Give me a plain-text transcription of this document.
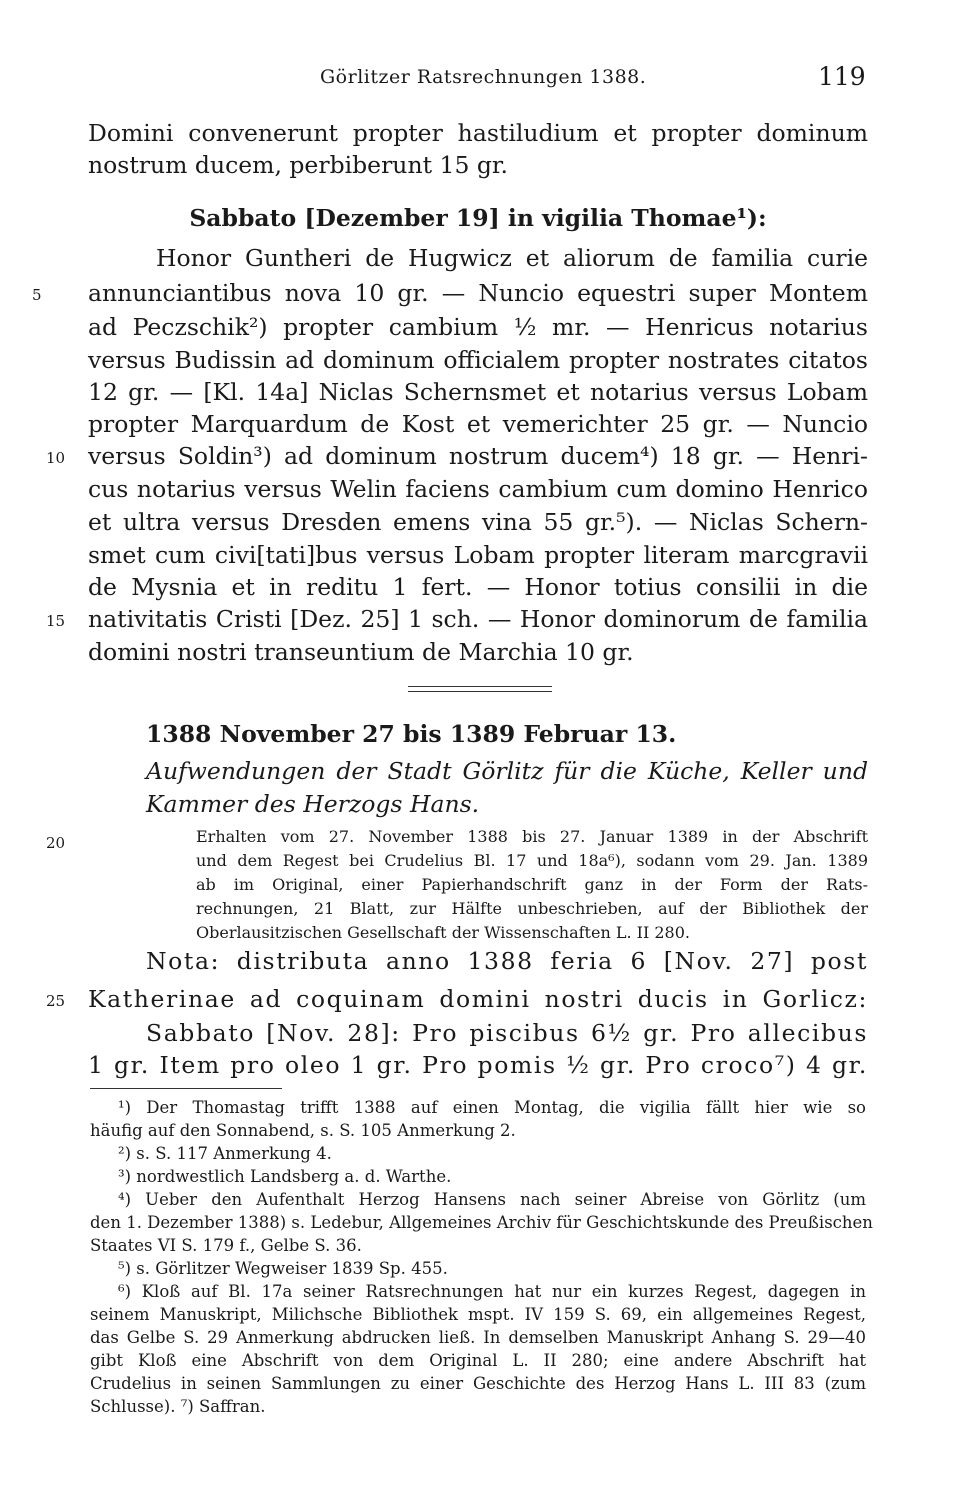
Görlitzer Ratsrechnungen 1388.	119
Domini convenerunt propter hastiludium et propter dominum
nostrum ducem, perbiberunt 15 gr.
Sabbato [Dezember 19] in vigilia Thomae¹):
Honor Guntheri de Hugwicz et aliorum de familia curie
annunciantibus nova 10 gr. — Nuncio equestri super Montem
ad Peczschik²) propter cambium ½ mr. — Henricus notarius
versus Budissin ad dominum officialem propter nostrates citatos
12 gr. — [Kl. 14a] Niclas Schernsmet et notarius versus Lobam
propter Marquardum de Kost et vemerichter 25 gr. — Nuncio
versus Soldin³) ad dominum nostrum ducem⁴) 18 gr. — Henri-
cus notarius versus Welin faciens cambium cum domino Henrico
et ultra versus Dresden emens vina 55 gr.⁵). — Niclas Schern-
smet cum civi[tati]bus versus Lobam propter literam marcgravii
de Mysnia et in reditu 1 fert. — Honor totius consilii in die
nativitatis Cristi [Dez. 25] 1 sch. — Honor dominorum de familia
domini nostri transeuntium de Marchia 10 gr.
5
10
15
20
25
1388 November 27 bis 1389 Februar 13.
Aufwendungen der Stadt Görlitz für die Küche, Keller und
Kammer des Herzogs Hans.
Erhalten vom 27. November 1388 bis 27. Januar 1389 in der Abschrift
und dem Regest bei Crudelius Bl. 17 und 18a⁶), sodann vom 29. Jan. 1389
ab im Original, einer Papierhandschrift ganz in der Form der Rats-
rechnungen, 21 Blatt, zur Hälfte unbeschrieben, auf der Bibliothek der
Oberlausitzischen Gesellschaft der Wissenschaften L. II 280.
Nota: distributa anno 1388 feria 6 [Nov. 27] post
Katherinae ad coquinam domini nostri ducis in Gorlicz:
Sabbato [Nov. 28]: Pro piscibus 6½ gr. Pro allecibus
1 gr. Item pro oleo 1 gr. Pro pomis ½ gr. Pro croco⁷) 4 gr.
¹) Der Thomastag trifft 1388 auf einen Montag, die vigilia fällt hier wie so
häufig auf den Sonnabend, s. S. 105 Anmerkung 2.
²) s. S. 117 Anmerkung 4.
³) nordwestlich Landsberg a. d. Warthe.
⁴) Ueber den Aufenthalt Herzog Hansens nach seiner Abreise von Görlitz (um
den 1. Dezember 1388) s. Ledebur, Allgemeines Archiv für Geschichtskunde des Preußischen
Staates VI S. 179 f., Gelbe S. 36.
⁵) s. Görlitzer Wegweiser 1839 Sp. 455.
⁶) Kloß auf Bl. 17a seiner Ratsrechnungen hat nur ein kurzes Regest, dagegen in
seinem Manuskript, Milichsche Bibliothek mspt. IV 159 S. 69, ein allgemeines Regest,
das Gelbe S. 29 Anmerkung abdrucken ließ. In demselben Manuskript Anhang S. 29—40
gibt Kloß eine Abschrift von dem Original L. II 280; eine andere Abschrift hat
Crudelius in seinen Sammlungen zu einer Geschichte des Herzog Hans L. III 83 (zum
Schlusse). ⁷) Saffran.
